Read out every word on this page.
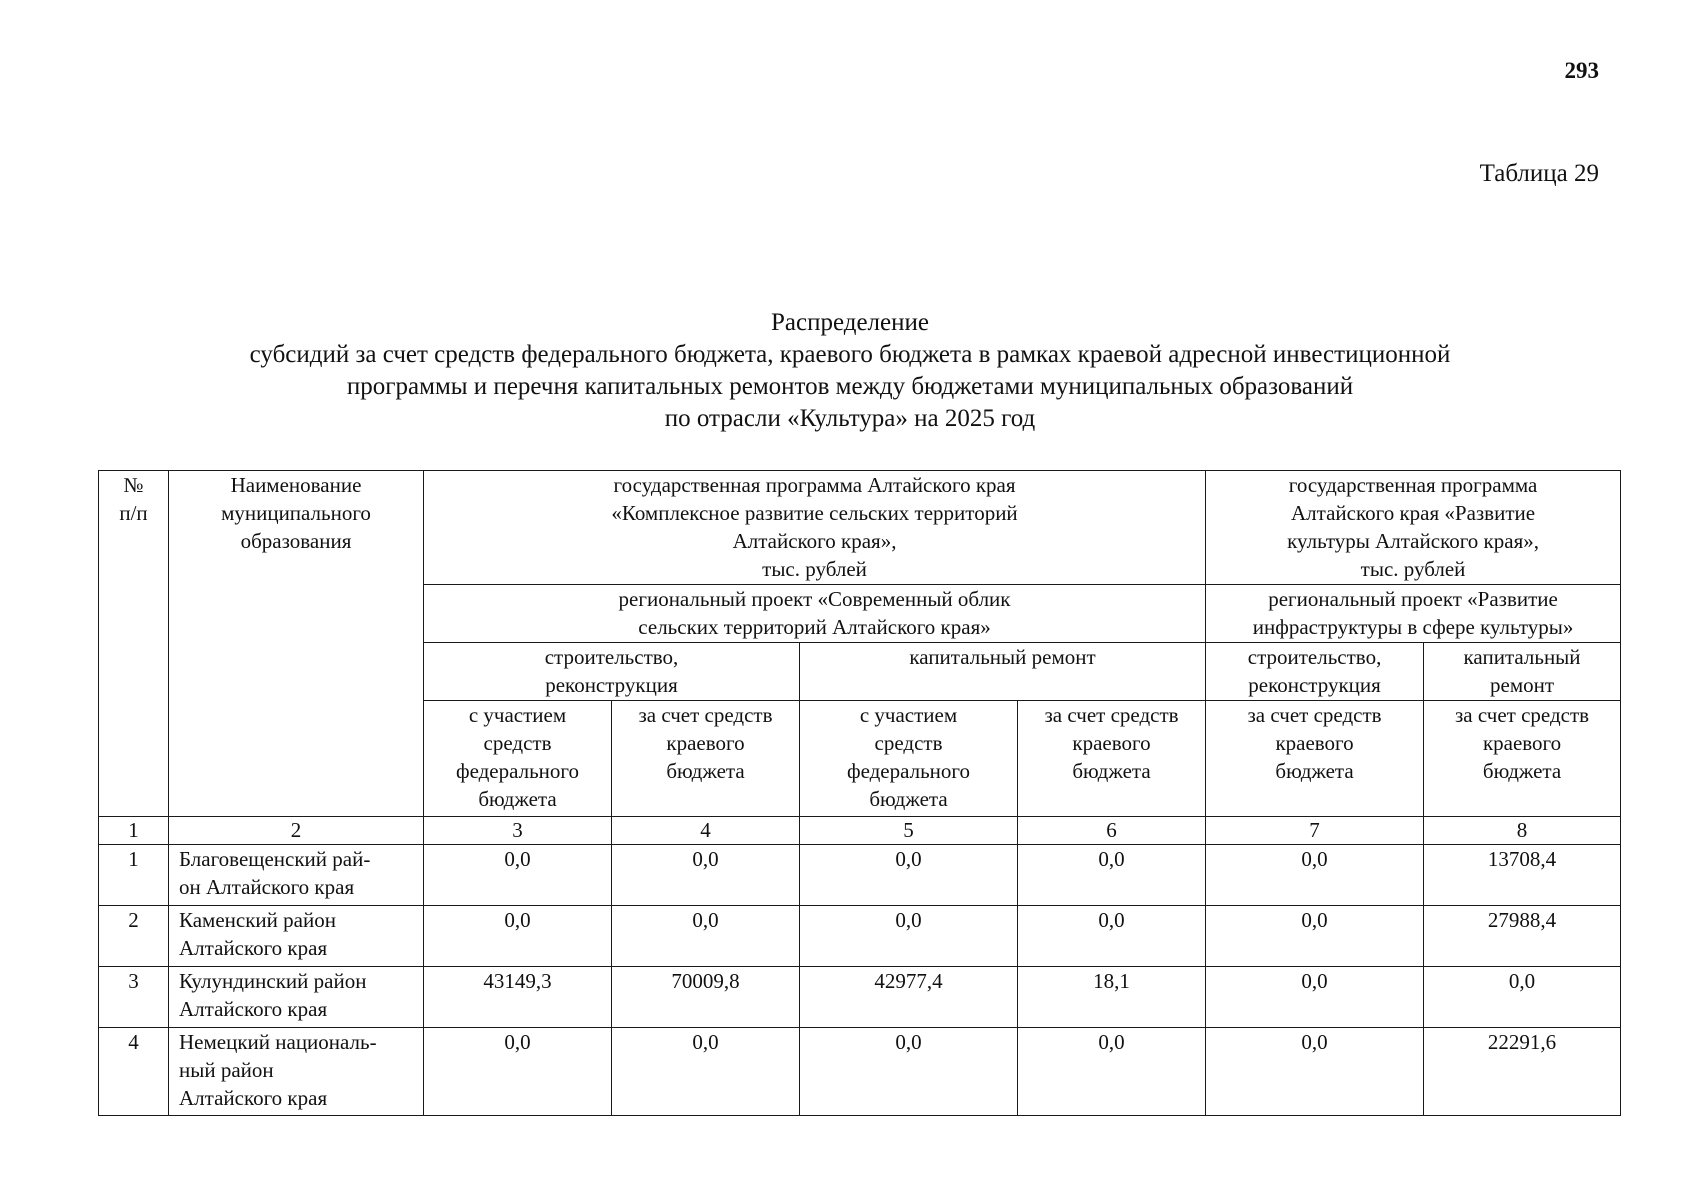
293
Таблица 29
Распределение
субсидий за счет средств федерального бюджета, краевого бюджета в рамках краевой адресной инвестиционной
программы и перечня капитальных ремонтов между бюджетами муниципальных образований
по отрасли «Культура» на 2025 год
№
п/п	Наименование
муниципального
образования	государственная программа Алтайского края
«Комплексное развитие сельских территорий
Алтайского края»,
тыс. рублей				государственная программа
Алтайского края «Развитие
культуры Алтайского края»,
тыс. рублей	

		региональный проект «Современный облик
сельских территорий Алтайского края»				региональный проект «Развитие
инфраструктуры в сфере культуры»	

		строительство,
реконструкция		капитальный ремонт		строительство,
реконструкция	капитальный
ремонт

		с участием
средств
федерального
бюджета	за счет средств
краевого
бюджета	с участием
средств
федерального
бюджета	за счет средств
краевого
бюджета	за счет средств
краевого
бюджета	за счет средств
краевого
бюджета

1	2	3	4	5	6	7	8
1	Благовещенский рай-
он Алтайского края	0,0	0,0	0,0	0,0	0,0	13708,4
2	Каменский район
Алтайского края	0,0	0,0	0,0	0,0	0,0	27988,4
3	Кулундинский район
Алтайского края	43149,3	70009,8	42977,4	18,1	0,0	0,0
4	Немецкий националь-
ный район
Алтайского края	0,0	0,0	0,0	0,0	0,0	22291,6
